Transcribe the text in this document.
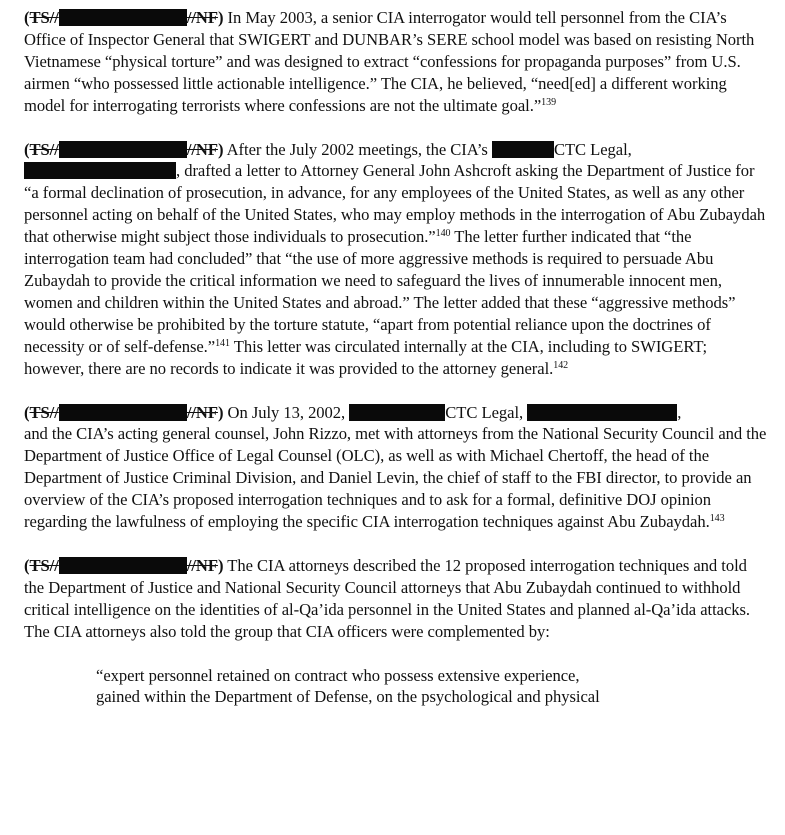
(TS//	//NF) In May 2003, a senior CIA interrogator would tell personnel from the CIA’s Office of Inspector General that SWIGERT and DUNBAR’s SERE school model was based on resisting North Vietnamese “physical torture” and was designed to extract “confessions for propaganda purposes” from U.S. airmen “who possessed little actionable intelligence.” The CIA, he believed, “need[ed] a different working model for interrogating terrorists where confessions are not the ultimate goal.”$^{139}$

(TS//	//NF) After the July 2002 meetings, the CIA’s	CTC Legal,
, drafted a letter to Attorney General John Ashcroft asking the Department of Justice for “a formal declination of prosecution, in advance, for any employees of the United States, as well as any other personnel acting on behalf of the United States, who may employ methods in the interrogation of Abu Zubaydah that otherwise might subject those individuals to prosecution.”$^{140}$ The letter further indicated that “the interrogation team had concluded” that “the use of more aggressive methods is required to persuade Abu Zubaydah to provide the critical information we need to safeguard the lives of innumerable innocent men, women and children within the United States and abroad.” The letter added that these “aggressive methods” would otherwise be prohibited by the torture statute, “apart from potential reliance upon the doctrines of necessity or of self-defense.”$^{141}$ This letter was circulated internally at the CIA, including to SWIGERT; however, there are no records to indicate it was provided to the attorney general.$^{142}$

(TS//	//NF) On July 13, 2002,	CTC Legal,	,
and the CIA’s acting general counsel, John Rizzo, met with attorneys from the National Security Council and the Department of Justice Office of Legal Counsel (OLC), as well as with Michael Chertoff, the head of the Department of Justice Criminal Division, and Daniel Levin, the chief of staff to the FBI director, to provide an overview of the CIA’s proposed interrogation techniques and to ask for a formal, definitive DOJ opinion regarding the lawfulness of employing the specific CIA interrogation techniques against Abu Zubaydah.$^{143}$

(TS//	//NF) The CIA attorneys described the 12 proposed interrogation techniques and told the Department of Justice and National Security Council attorneys that Abu Zubaydah continued to withhold critical intelligence on the identities of al-Qa’ida personnel in the United States and planned al-Qa’ida attacks. The CIA attorneys also told the group that CIA officers were complemented by:

“expert personnel retained on contract who possess extensive experience,
gained within the Department of Defense, on the psychological and physical
